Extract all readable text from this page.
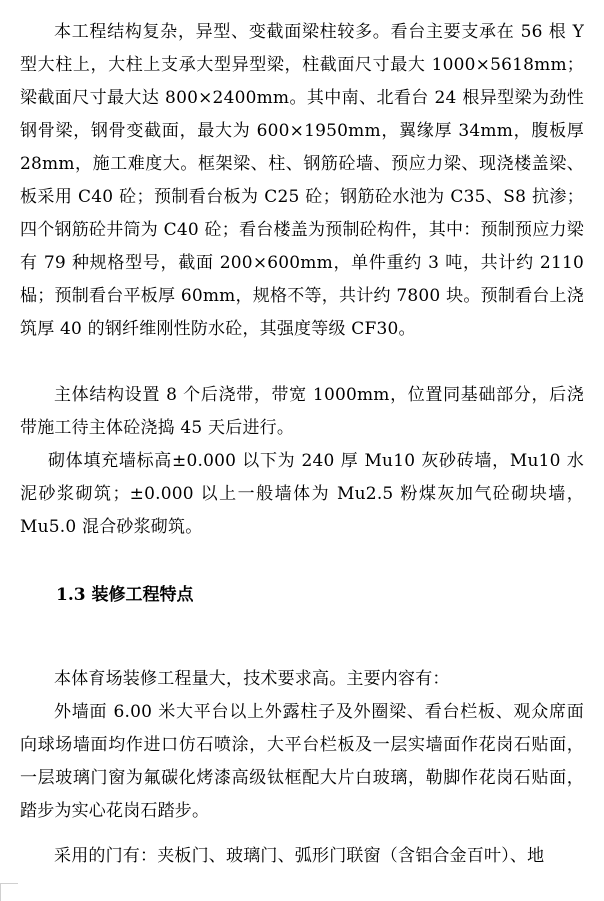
本工程结构复杂，异型、变截面梁柱较多。看台主要支承在 56 根 Y 型大柱上，大柱上支承大型异型梁，柱截面尺寸最大 1000×5618mm；梁截面尺寸最大达 800×2400mm。其中南、北看台 24 根异型梁为劲性钢骨梁，钢骨变截面，最大为 600×1950mm，翼缘厚 34mm，腹板厚 28mm，施工难度大。框架梁、柱、钢筋砼墙、预应力梁、现浇楼盖梁、板采用 C40 砼；预制看台板为 C25 砼；钢筋砼水池为 C35、S8 抗渗；四个钢筋砼井筒为 C40 砼；看台楼盖为预制砼构件，其中：预制预应力梁有 79 种规格型号，截面 200×600mm，单件重约 3 吨，共计约 2110 榀；预制看台平板厚 60mm，规格不等，共计约 7800 块。预制看台上浇筑厚 40 的钢纤维刚性防水砼，其强度等级 CF30。

主体结构设置 8 个后浇带，带宽 1000mm，位置同基础部分，后浇带施工待主体砼浇捣 45 天后进行。

砌体填充墙标高±0.000 以下为 240 厚 Mu10 灰砂砖墙，Mu10 水泥砂浆砌筑；±0.000 以上一般墙体为 Mu2.5 粉煤灰加气砼砌块墙，Mu5.0 混合砂浆砌筑。

1.3 装修工程特点

本体育场装修工程量大，技术要求高。主要内容有：

外墙面 6.00 米大平台以上外露柱子及外圈梁、看台栏板、观众席面向球场墙面均作进口仿石喷涂，大平台栏板及一层实墙面作花岗石贴面，一层玻璃门窗为氟碳化烤漆高级钛框配大片白玻璃，勒脚作花岗石贴面，踏步为实心花岗石踏步。

采用的门有：夹板门、玻璃门、弧形门联窗（含铝合金百叶）、地
